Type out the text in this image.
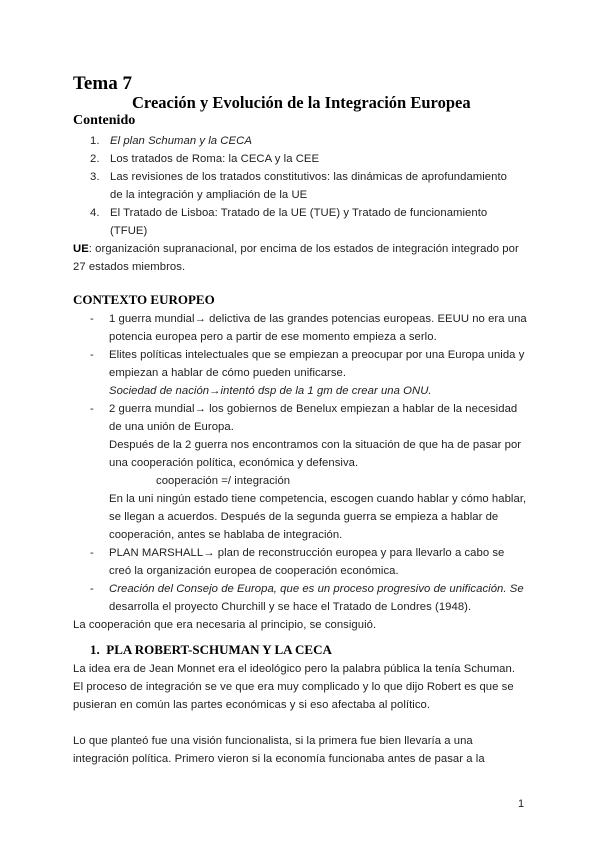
Tema 7
Creación y Evolución de la Integración Europea
Contenido
1. El plan Schuman y la CECA
2. Los tratados de Roma: la CECA y la CEE
3. Las revisiones de los tratados constitutivos: las dinámicas de aprofundamiento
de la integración y ampliación de la UE
4. El Tratado de Lisboa: Tratado de la UE (TUE) y Tratado de funcionamiento
(TFUE)
UE: organización supranacional, por encima de los estados de integración integrado por
27 estados miembros.
CONTEXTO EUROPEO
- 1 guerra mundial→ delictiva de las grandes potencias europeas. EEUU no era una
potencia europea pero a partir de ese momento empieza a serlo.
- Elites políticas intelectuales que se empiezan a preocupar por una Europa unida y
empiezan a hablar de cómo pueden unificarse.
Sociedad de nación→intentó dsp de la 1 gm de crear una ONU.
- 2 guerra mundial→ los gobiernos de Benelux empiezan a hablar de la necesidad
de una unión de Europa.
Después de la 2 guerra nos encontramos con la situación de que ha de pasar por
una cooperación política, económica y defensiva.
cooperación =/ integración
En la uni ningún estado tiene competencia, escogen cuando hablar y cómo hablar,
se llegan a acuerdos. Después de la segunda guerra se empieza a hablar de
cooperación, antes se hablaba de integración.
- PLAN MARSHALL→ plan de reconstrucción europea y para llevarlo a cabo se
creó la organización europea de cooperación económica.
- Creación del Consejo de Europa, que es un proceso progresivo de unificación. Se
desarrolla el proyecto Churchill y se hace el Tratado de Londres (1948).
La cooperación que era necesaria al principio, se consiguió.
1. PLA ROBERT-SCHUMAN Y LA CECA
La idea era de Jean Monnet era el ideológico pero la palabra pública la tenía Schuman.
El proceso de integración se ve que era muy complicado y lo que dijo Robert es que se
pusieran en común las partes económicas y si eso afectaba al político.
Lo que planteó fue una visión funcionalista, si la primera fue bien llevaría a una
integración política. Primero vieron si la economía funcionaba antes de pasar a la
1
